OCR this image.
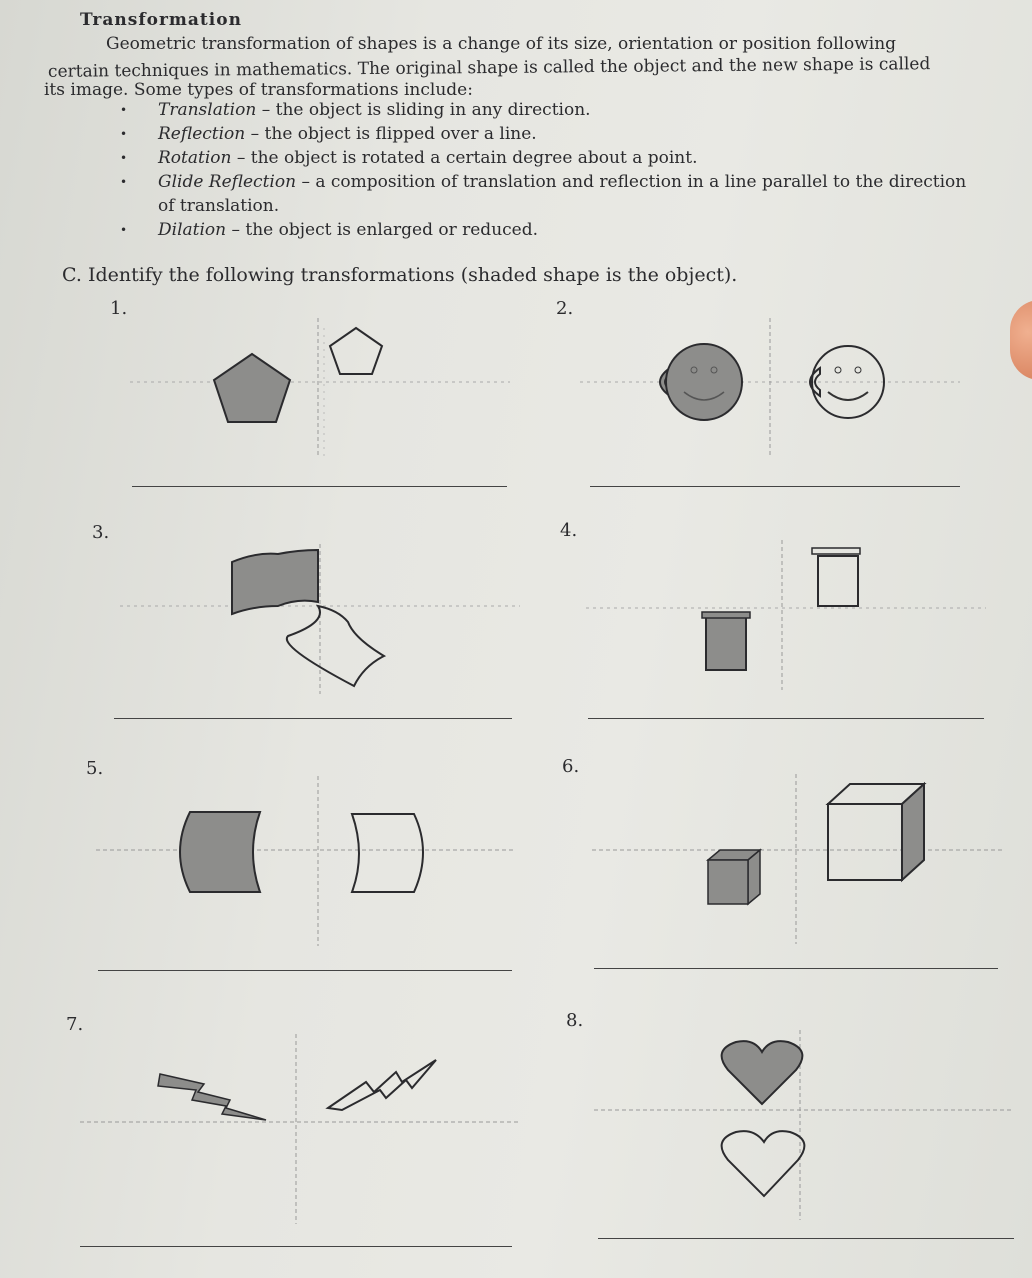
Transformation
Geometric transformation of shapes is a change of its size, orientation or position following
certain techniques in mathematics. The original shape is called the object and the new shape is called
its image. Some types of transformations include:
• Translation – the object is sliding in any direction.
• Reflection – the object is flipped over a line.
• Rotation – the object is rotated a certain degree about a point.
• Glide Reflection – a composition of translation and reflection in a line parallel to the direction of translation.
• Dilation – the object is enlarged or reduced.
C. Identify the following transformations (shaded shape is the object).
1.	2.
3.	4.
5.	6.
7.	8.
